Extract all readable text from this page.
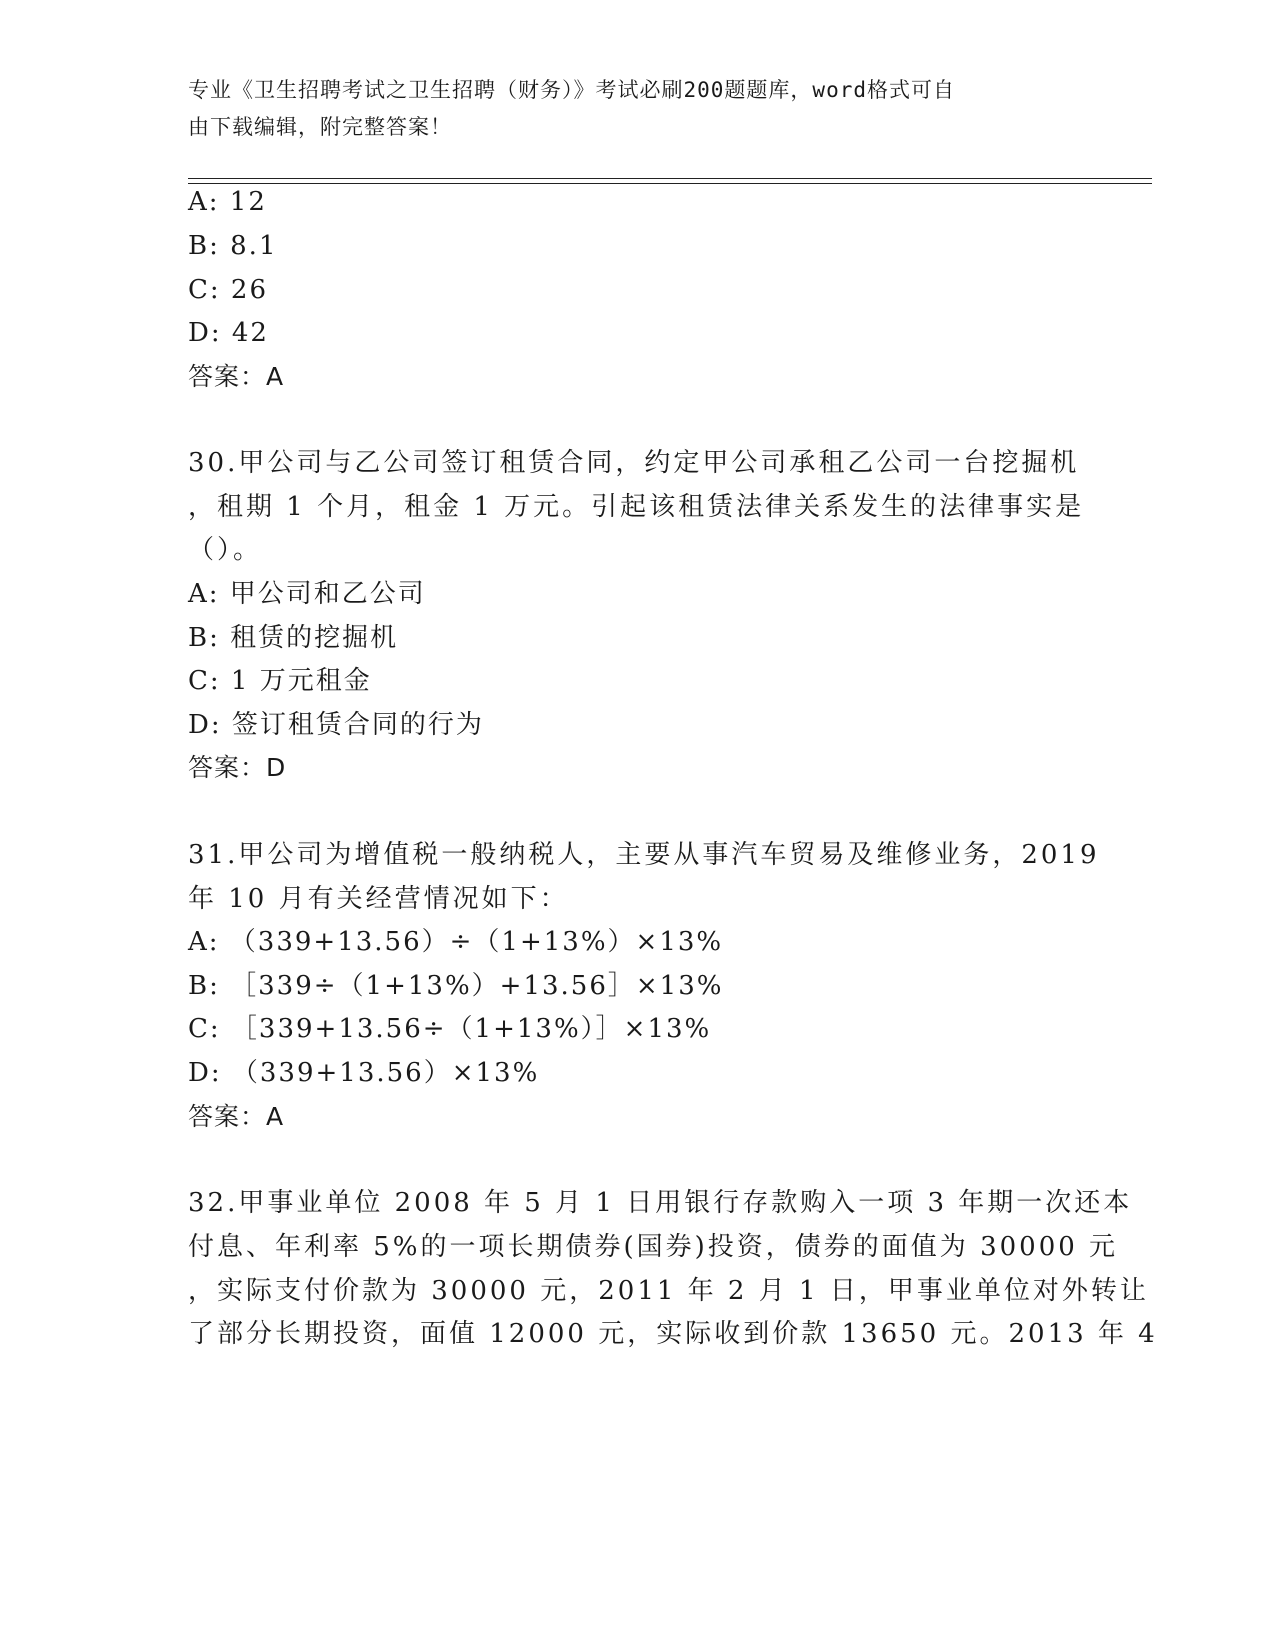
专业《卫生招聘考试之卫生招聘（财务）》考试必刷200题题库，word格式可自
由下载编辑，附完整答案！
A: 12
B: 8.1
C: 26
D: 42
答案：A
30.甲公司与乙公司签订租赁合同，约定甲公司承租乙公司一台挖掘机
，租期 1 个月，租金 1 万元。引起该租赁法律关系发生的法律事实是
（）。
A: 甲公司和乙公司
B: 租赁的挖掘机
C: 1 万元租金
D: 签订租赁合同的行为
答案：D
31.甲公司为增值税一般纳税人，主要从事汽车贸易及维修业务，2019
年 10 月有关经营情况如下：
A: （339+13.56）÷（1+13%）×13%
B: ［339÷（1+13%）+13.56］×13%
C: ［339+13.56÷（1+13%）］×13%
D: （339+13.56）×13%
答案：A
32.甲事业单位 2008 年 5 月 1 日用银行存款购入一项 3 年期一次还本
付息、年利率 5%的一项长期债券(国券)投资，债券的面值为 30000 元
，实际支付价款为 30000 元，2011 年 2 月 1 日，甲事业单位对外转让
了部分长期投资，面值 12000 元，实际收到价款 13650 元。2013 年 4
